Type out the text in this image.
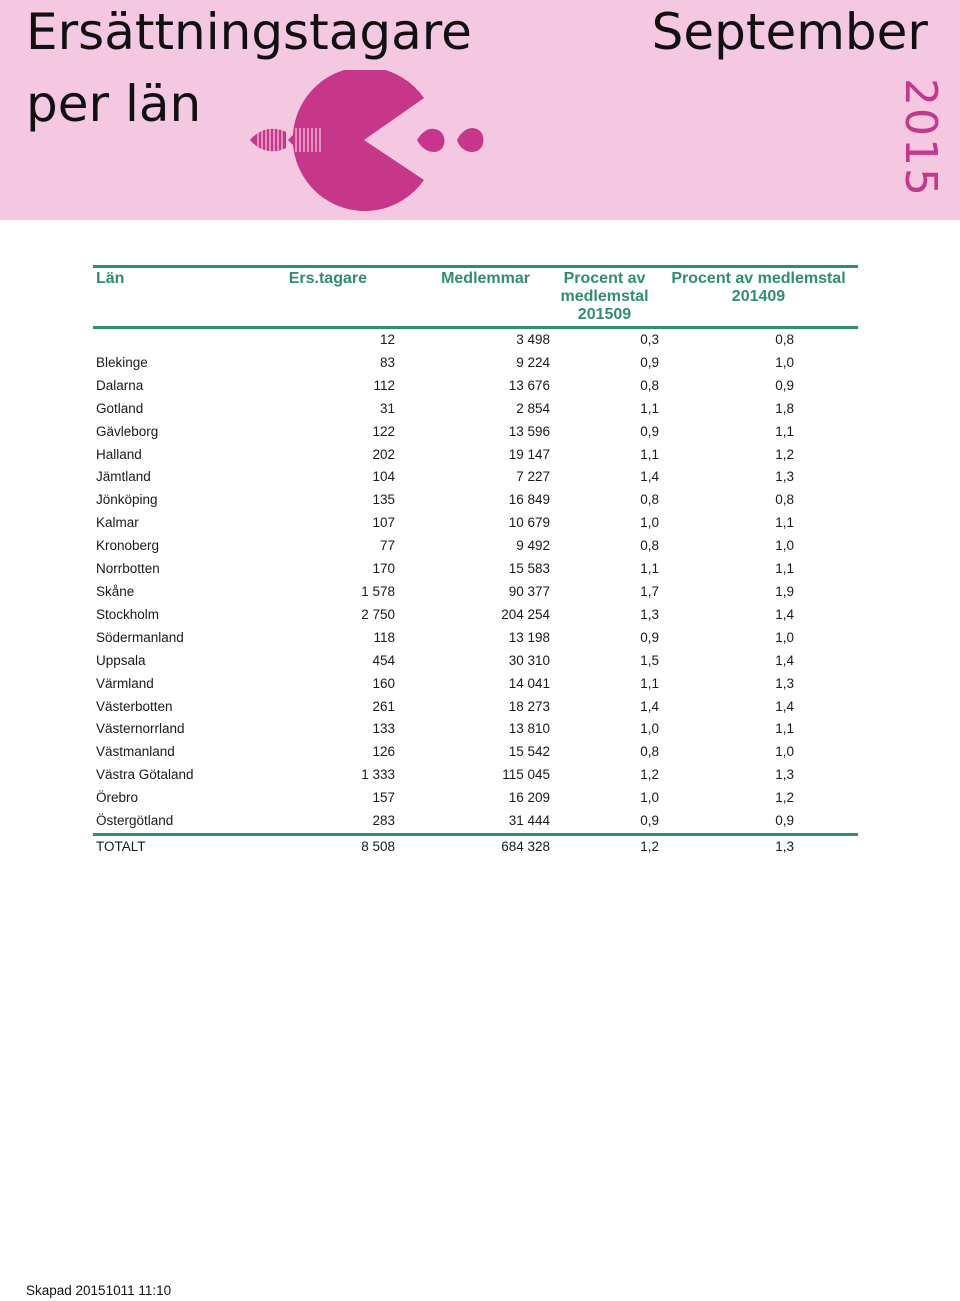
Ersättningstagare
per län
September
2015
Län	Ers.tagare	Medlemmar	Procent av medlemstal 201509	Procent av medlemstal 201409
	12	3 498	0,3	0,8
Blekinge	83	9 224	0,9	1,0
Dalarna	112	13 676	0,8	0,9
Gotland	31	2 854	1,1	1,8
Gävleborg	122	13 596	0,9	1,1
Halland	202	19 147	1,1	1,2
Jämtland	104	7 227	1,4	1,3
Jönköping	135	16 849	0,8	0,8
Kalmar	107	10 679	1,0	1,1
Kronoberg	77	9 492	0,8	1,0
Norrbotten	170	15 583	1,1	1,1
Skåne	1 578	90 377	1,7	1,9
Stockholm	2 750	204 254	1,3	1,4
Södermanland	118	13 198	0,9	1,0
Uppsala	454	30 310	1,5	1,4
Värmland	160	14 041	1,1	1,3
Västerbotten	261	18 273	1,4	1,4
Västernorrland	133	13 810	1,0	1,1
Västmanland	126	15 542	0,8	1,0
Västra Götaland	1 333	115 045	1,2	1,3
Örebro	157	16 209	1,0	1,2
Östergötland	283	31 444	0,9	0,9
TOTALT	8 508	684 328	1,2	1,3
Skapad 20151011 11:10
